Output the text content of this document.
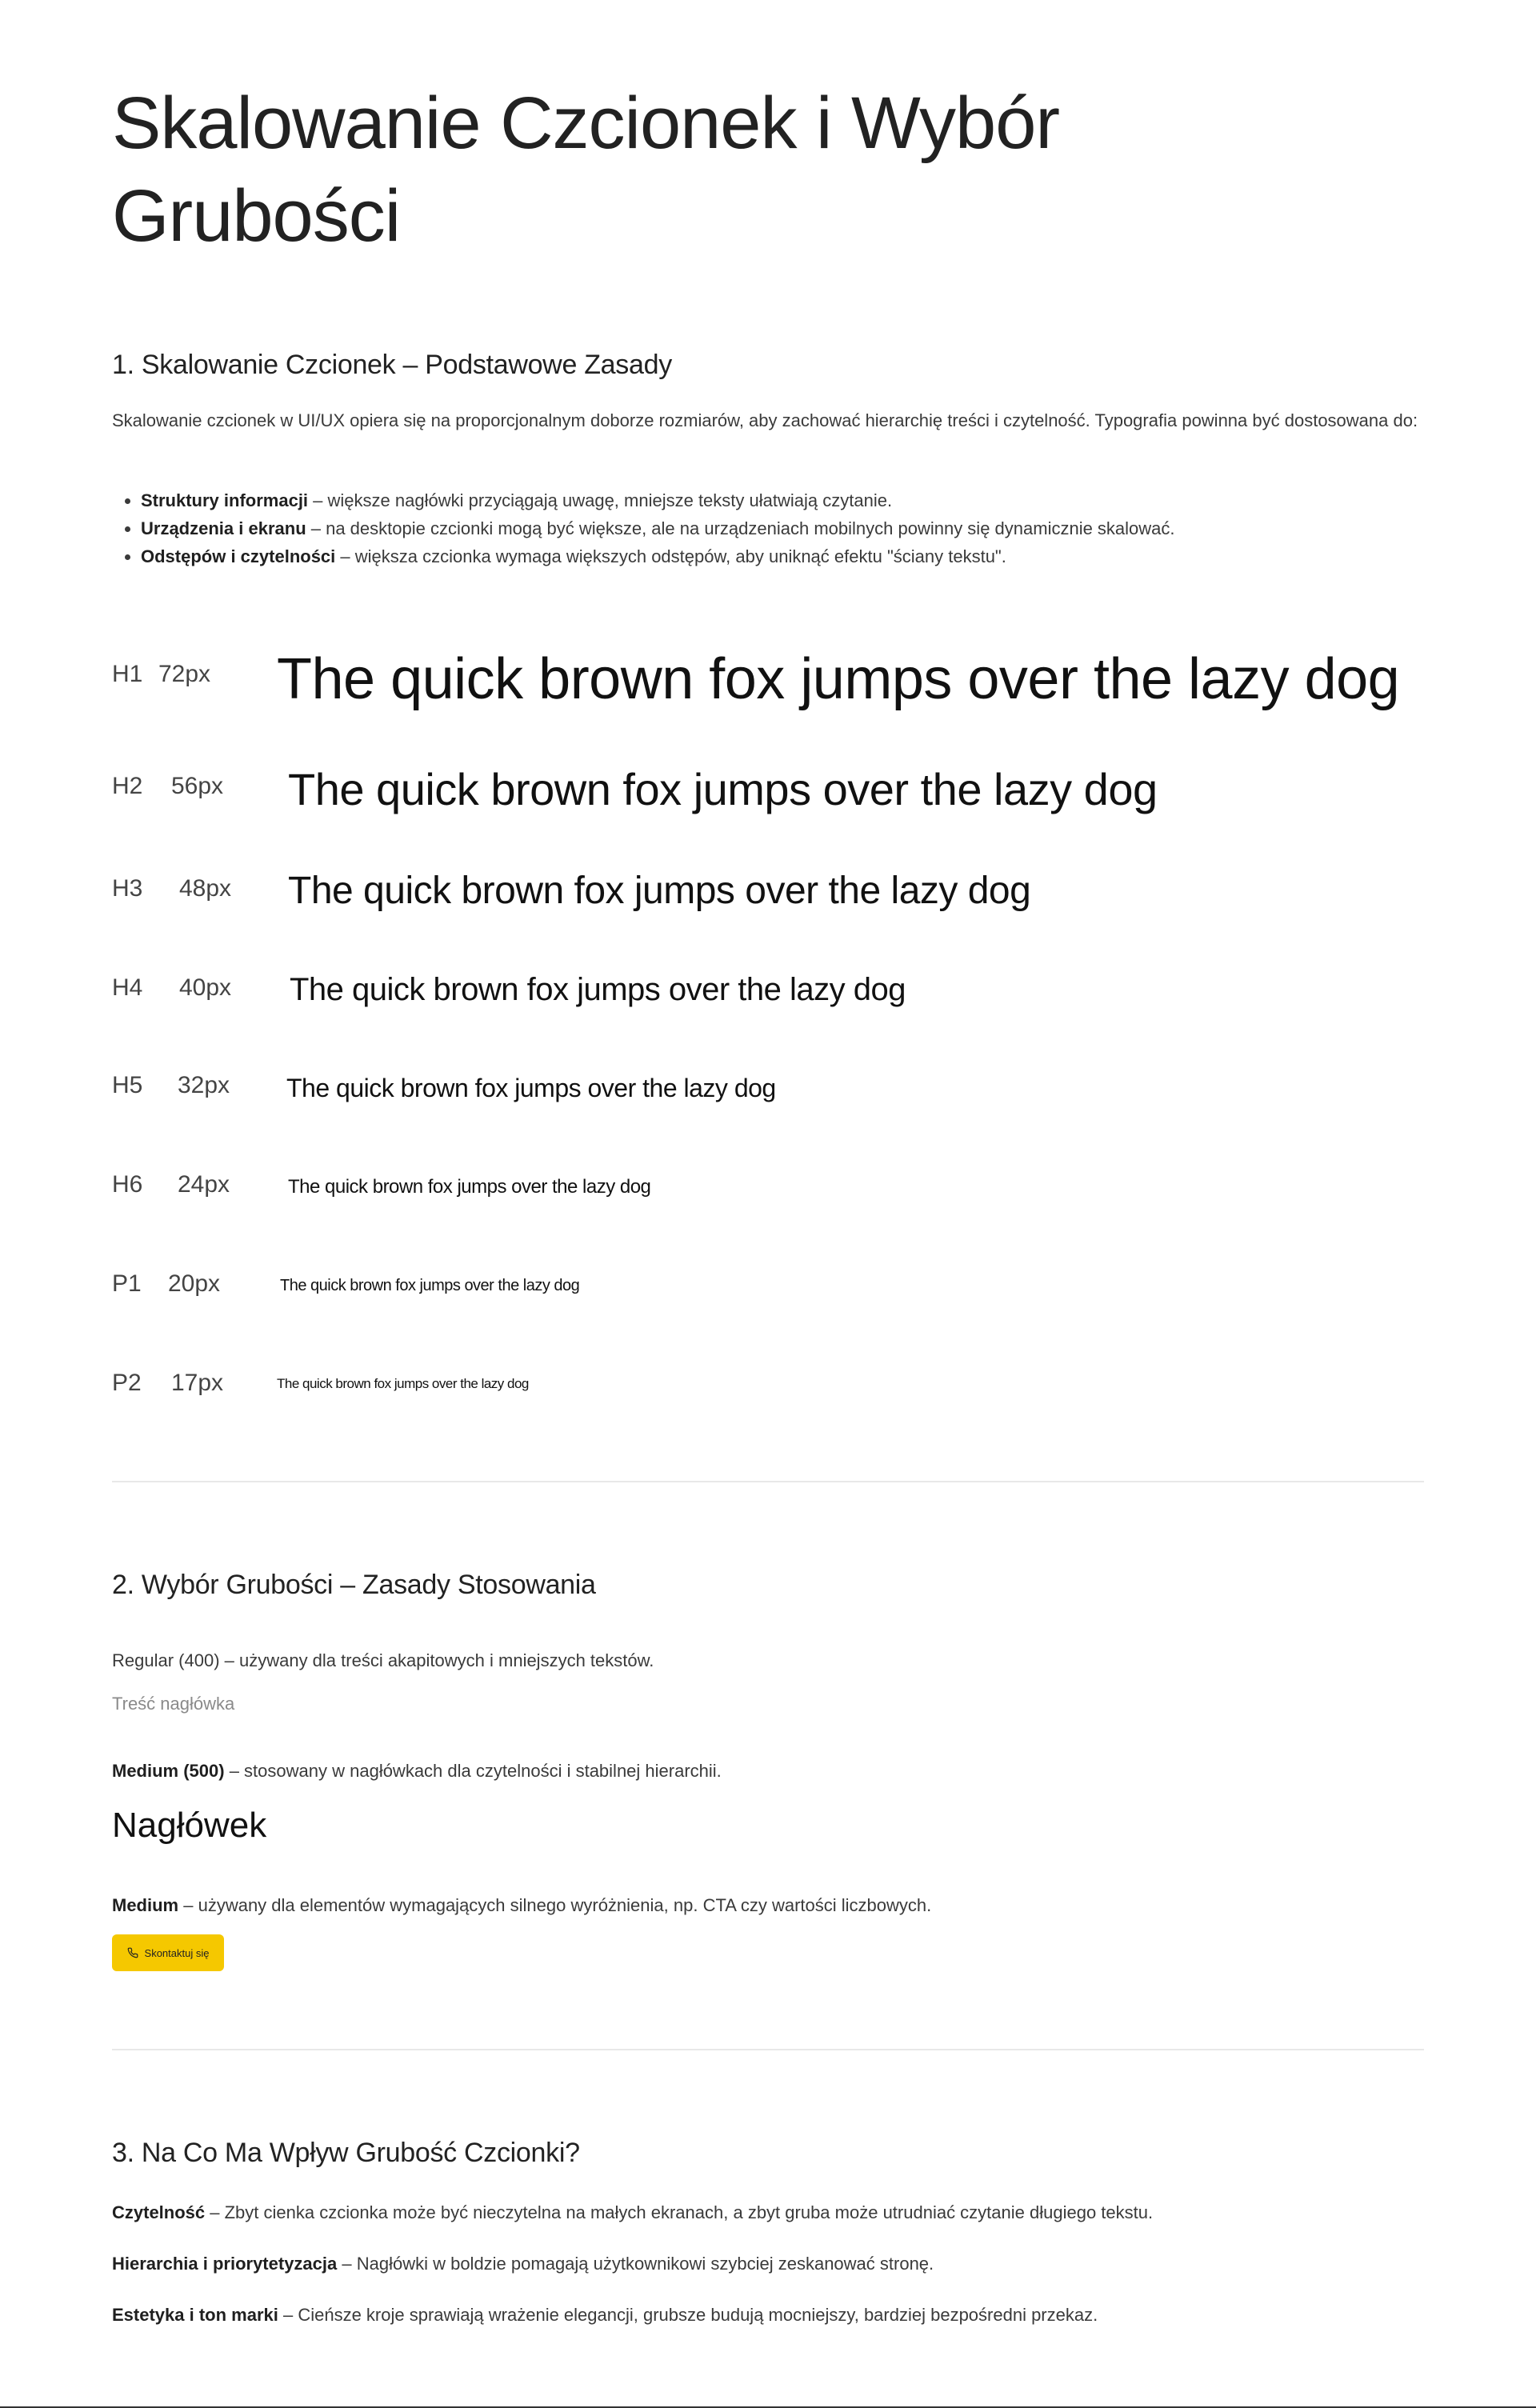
Skalowanie Czcionek i Wybór Grubości
1. Skalowanie Czcionek – Podstawowe Zasady

Skalowanie czcionek w UI/UX opiera się na proporcjonalnym doborze rozmiarów, aby zachować hierarchię treści i czytelność. Typografia powinna być dostosowana do:

• Struktury informacji – większe nagłówki przyciągają uwagę, mniejsze teksty ułatwiają czytanie.
• Urządzenia i ekranu – na desktopie czcionki mogą być większe, ale na urządzeniach mobilnych powinny się dynamicznie skalować.
• Odstępów i czytelności – większa czcionka wymaga większych odstępów, aby uniknąć efektu "ściany tekstu".
H1 72px The quick brown fox jumps over the lazy dog
H2	56px The quick brown fox jumps over the lazy dog
H3	48px The quick brown fox jumps over the lazy dog
H4	40px The quick brown fox jumps over the lazy dog
H5	32px The quick brown fox jumps over the lazy dog
H6	24px	The quick brown fox jumps over the lazy dog
P1	20px	The quick brown fox jumps over the lazy dog
P2	17px	The quick brown fox jumps over the lazy dog
2. Wybór Grubości – Zasady Stosowania

Regular (400) – używany dla treści akapitowych i mniejszych tekstów.

Treść nagłówka

Medium (500) – stosowany w nagłówkach dla czytelności i stabilnej hierarchii.

Nagłówek

Medium – używany dla elementów wymagających silnego wyróżnienia, np. CTA czy wartości liczbowych.

Skontaktuj się
3. Na Co Ma Wpływ Grubość Czcionki?

Czytelność – Zbyt cienka czcionka może być nieczytelna na małych ekranach, a zbyt gruba może utrudniać czytanie długiego tekstu.

Hierarchia i priorytetyzacja – Nagłówki w boldzie pomagają użytkownikowi szybciej zeskanować stronę.

Estetyka i ton marki – Cieńsze kroje sprawiają wrażenie elegancji, grubsze budują mocniejszy, bardziej bezpośredni przekaz.
